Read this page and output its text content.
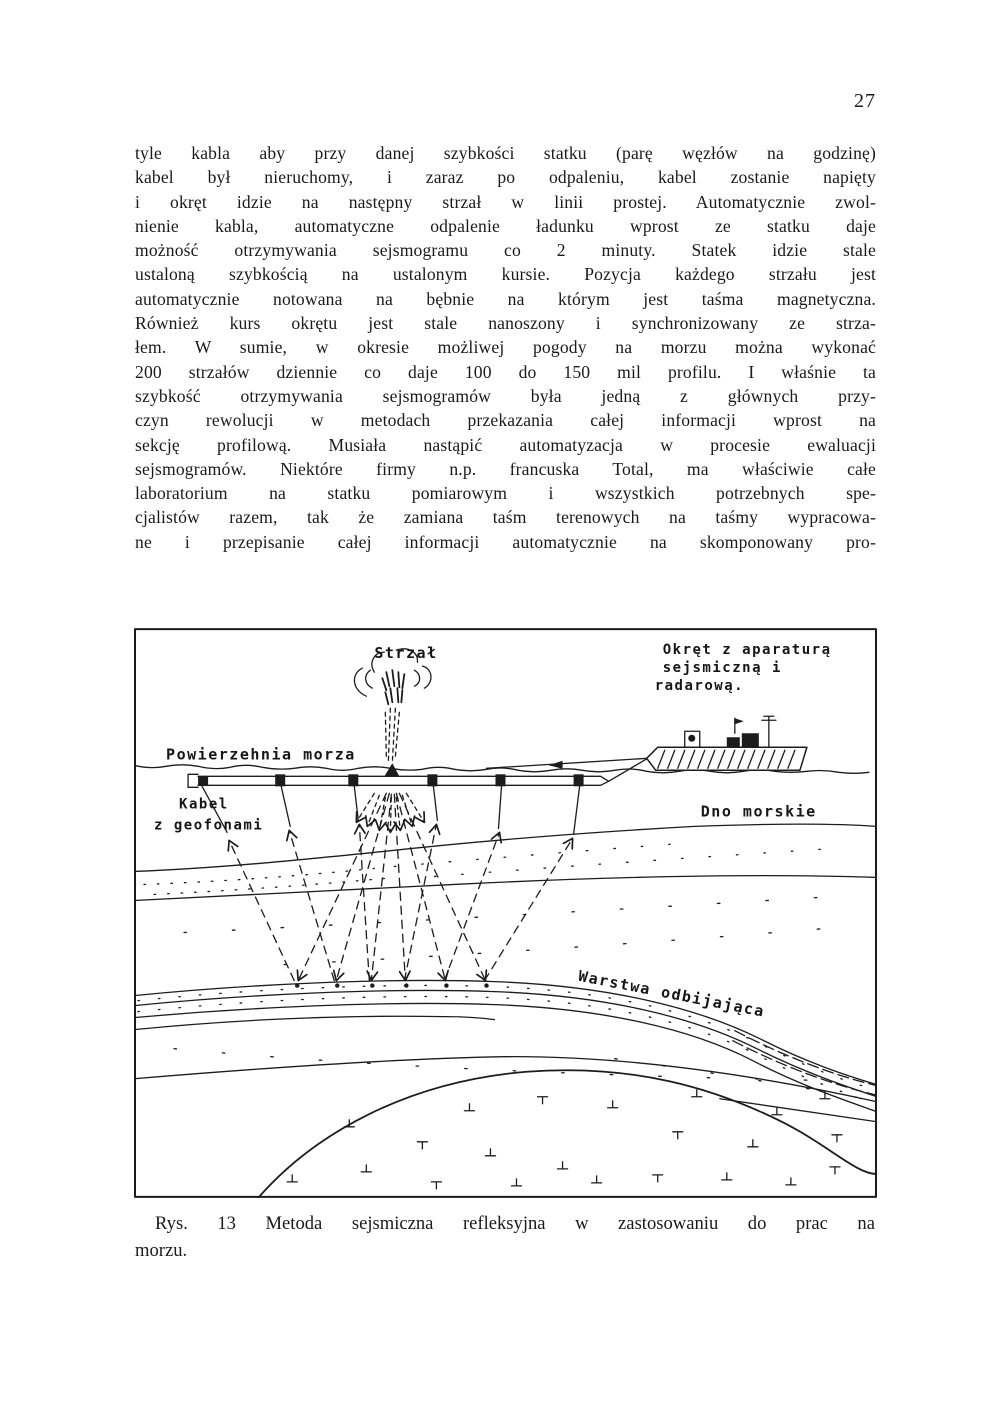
27
tyle kabla aby przy danej szybkości statku (parę węzłów na godzinę)
kabel był nieruchomy, i zaraz po odpaleniu, kabel zostanie napięty
i okręt idzie na następny strzał w linii prostej. Automatycznie zwol-
nienie kabla, automatyczne odpalenie ładunku wprost ze statku daje
możność otrzymywania sejsmogramu co 2 minuty. Statek idzie stale
ustaloną szybkością na ustalonym kursie. Pozycja każdego strzału jest
automatycznie notowana na bębnie na którym jest taśma magnetyczna.
Również kurs okrętu jest stale nanoszony i synchronizowany ze strza-
łem. W sumie, w okresie możliwej pogody na morzu można wykonać
200 strzałów dziennie co daje 100 do 150 mil profilu. I właśnie ta
szybkość otrzymywania sejsmogramów była jedną z głównych przy-
czyn rewolucji w metodach przekazania całej informacji wprost na
sekcję profilową. Musiała nastąpić automatyzacja w procesie ewaluacji
sejsmogramów. Niektóre firmy n.p. francuska Total, ma właściwie całe
laboratorium na statku pomiarowym i wszystkich potrzebnych spe-
cjalistów razem, tak że zamiana taśm terenowych na taśmy wypracowa-
ne i przepisanie całej informacji automatycznie na skomponowany pro-
Strzał	Okręt z aparaturą
sejsmiczną i
radarową.
Powierzehnia morza
Kabel
z geofonami
Dno morskie
Warstwa odbijająca
Rys. 13 Metoda sejsmiczna refleksyjna w zastosowaniu do prac na
morzu.
